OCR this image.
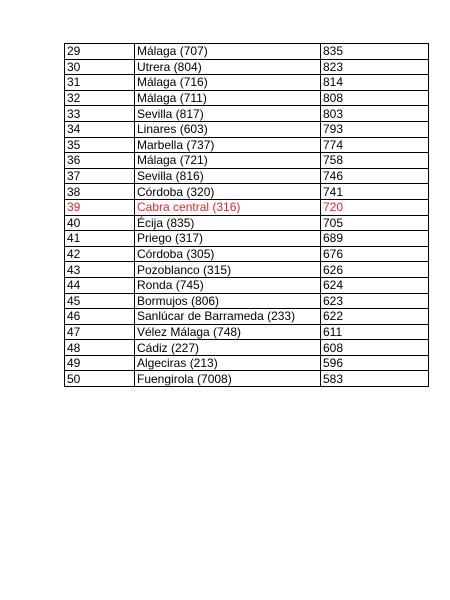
29	Málaga (707)	835
30	Utrera (804)	823
31	Málaga (716)	814
32	Málaga (711)	808
33	Sevilla (817)	803
34	Linares (603)	793
35	Marbella (737)	774
36	Málaga (721)	758
37	Sevilla (816)	746
38	Córdoba (320)	741
39	Cabra central (316)	720
40	Écija (835)	705
41	Priego (317)	689
42	Córdoba (305)	676
43	Pozoblanco (315)	626
44	Ronda (745)	624
45	Bormujos (806)	623
46	Sanlúcar de Barrameda (233)	622
47	Vélez Málaga (748)	611
48	Cádiz (227)	608
49	Algeciras (213)	596
50	Fuengirola (7008)	583
